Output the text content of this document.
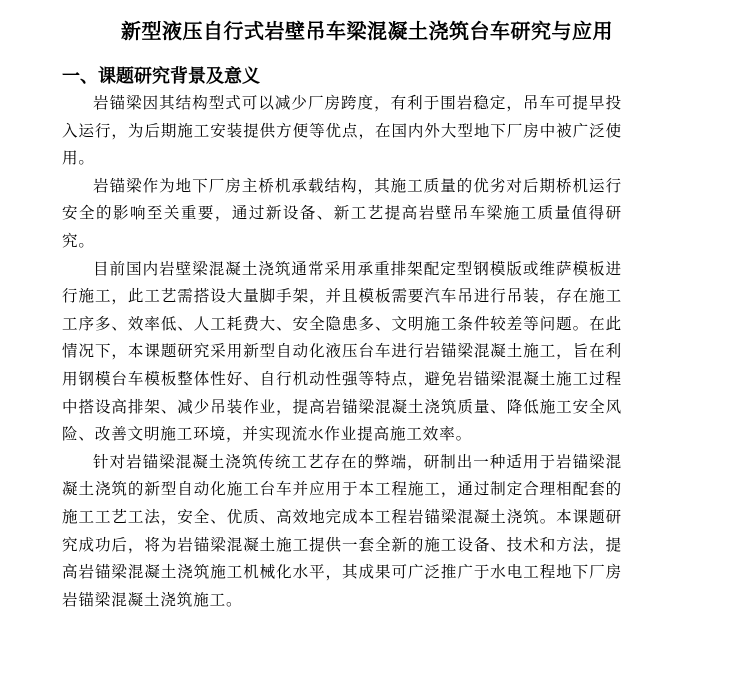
新型液压自行式岩壁吊车梁混凝土浇筑台车研究与应用
一、课题研究背景及意义

岩锚梁因其结构型式可以减少厂房跨度，有利于围岩稳定，吊车可提早投入运行，为后期施工安装提供方便等优点，在国内外大型地下厂房中被广泛使用。

岩锚梁作为地下厂房主桥机承载结构，其施工质量的优劣对后期桥机运行安全的影响至关重要，通过新设备、新工艺提高岩壁吊车梁施工质量值得研究。

目前国内岩壁梁混凝土浇筑通常采用承重排架配定型钢模版或维萨模板进行施工，此工艺需搭设大量脚手架，并且模板需要汽车吊进行吊装，存在施工工序多、效率低、人工耗费大、安全隐患多、文明施工条件较差等问题。在此情况下，本课题研究采用新型自动化液压台车进行岩锚梁混凝土施工，旨在利用钢模台车模板整体性好、自行机动性强等特点，避免岩锚梁混凝土施工过程中搭设高排架、减少吊装作业，提高岩锚梁混凝土浇筑质量、降低施工安全风险、改善文明施工环境，并实现流水作业提高施工效率。

针对岩锚梁混凝土浇筑传统工艺存在的弊端，研制出一种适用于岩锚梁混凝土浇筑的新型自动化施工台车并应用于本工程施工，通过制定合理相配套的施工工艺工法，安全、优质、高效地完成本工程岩锚梁混凝土浇筑。本课题研究成功后，将为岩锚梁混凝土施工提供一套全新的施工设备、技术和方法，提高岩锚梁混凝土浇筑施工机械化水平，其成果可广泛推广于水电工程地下厂房岩锚梁混凝土浇筑施工。
